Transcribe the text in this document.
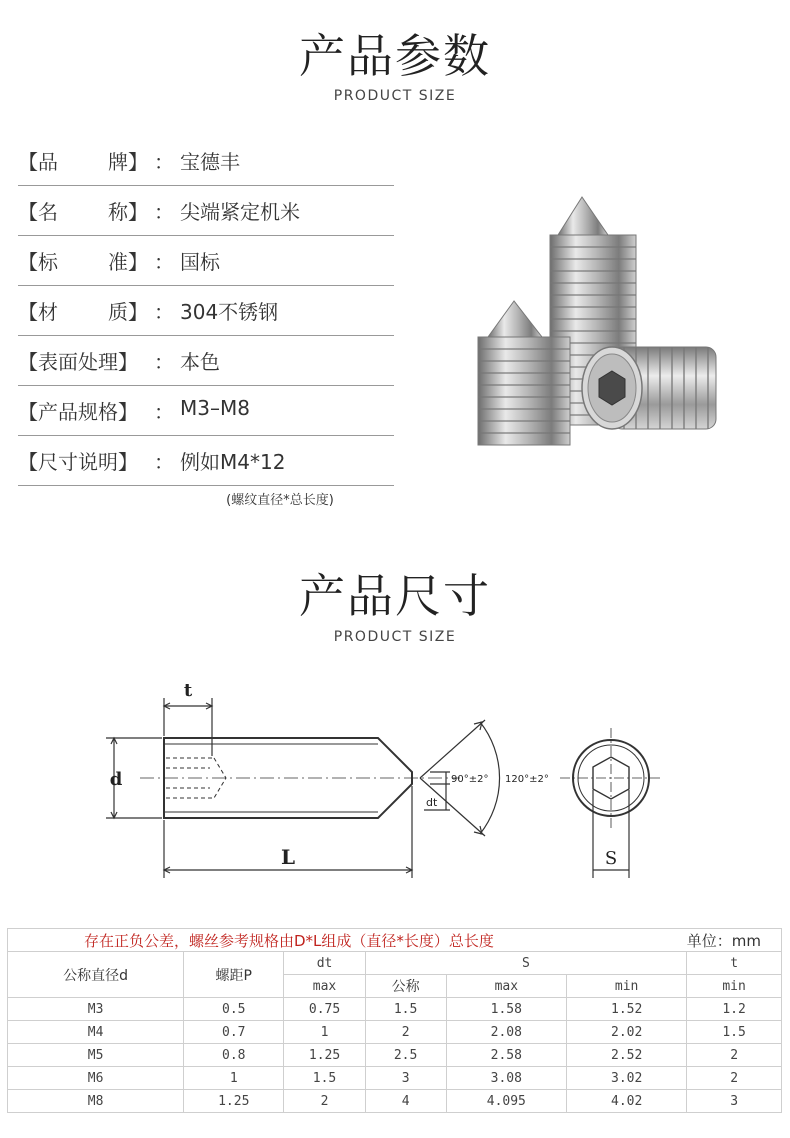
产品参数
PRODUCT SIZE
【品	牌】 ： 宝德丰
【名	称】 ： 尖端紧定机米
【标	准】 ： 国标
【材	质】 ： 304不锈钢
【表面处理】 ： 本色
【产品规格】 ： M3–M8
【尺寸说明】 ： 例如M4*12
(螺纹直径*总长度)
产品尺寸
PRODUCT SIZE
t
d
L
dt
90°±2° 120°±2°
S
存在正负公差，螺丝参考规格由D*L组成（直径*长度）总长度						单位：mm
公称直径d	螺距P	dt	S			t
		max	公称	max	min	min
M3	0.5	0.75	1.5	1.58	1.52	1.2
M4	0.7	1	2	2.08	2.02	1.5
M5	0.8	1.25	2.5	2.58	2.52	2
M6	1	1.5	3	3.08	3.02	2
M8	1.25	2	4	4.095	4.02	3
